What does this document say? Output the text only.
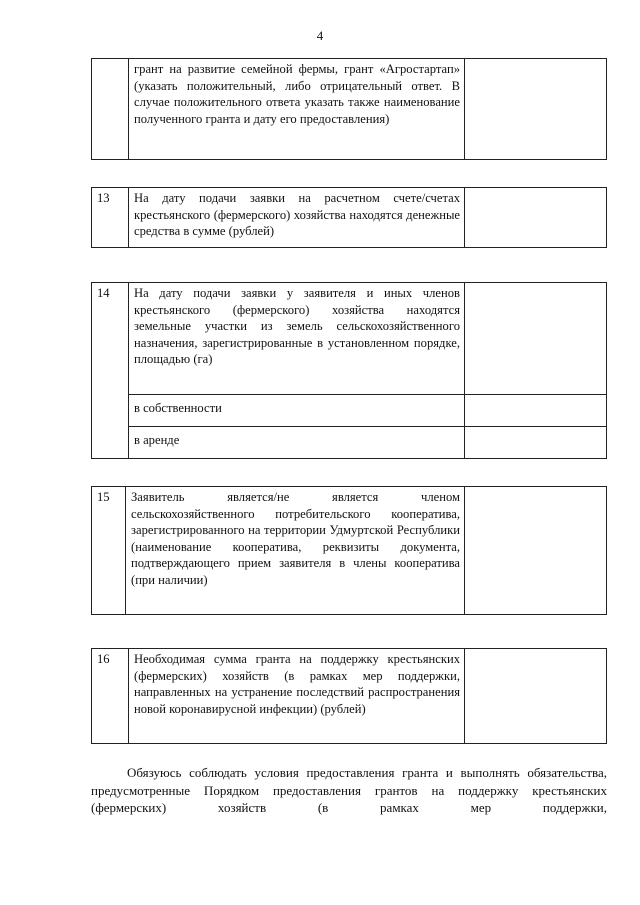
4
	грант на развитие семейной фермы, грант «Агростартап» (указать положительный, либо отрицательный ответ. В случае положительного ответа указать также наименование полученного гранта и дату его предоставления)	
13	На дату подачи заявки на расчетном счете/счетах крестьянского (фермерского) хозяйства находятся денежные средства в сумме (рублей)	
14	На дату подачи заявки у заявителя и иных членов крестьянского (фермерского) хозяйства находятся земельные участки из земель сельскохозяйственного назначения, зарегистрированные в установленном порядке, площадью (га)	
	в собственности	
	в аренде	
15	Заявитель является/не является членом сельскохозяйственного потребительского кооператива, зарегистрированного на территории Удмуртской Республики (наименование кооператива, реквизиты документа, подтверждающего прием заявителя в члены кооператива (при наличии)	
16	Необходимая сумма гранта на поддержку крестьянских (фермерских) хозяйств (в рамках мер поддержки, направленных на устранение последствий распространения новой коронавирусной инфекции) (рублей)	
Обязуюсь соблюдать условия предоставления гранта и выполнять обязательства, предусмотренные Порядком предоставления грантов на поддержку крестьянских (фермерских) хозяйств (в рамках мер поддержки,
